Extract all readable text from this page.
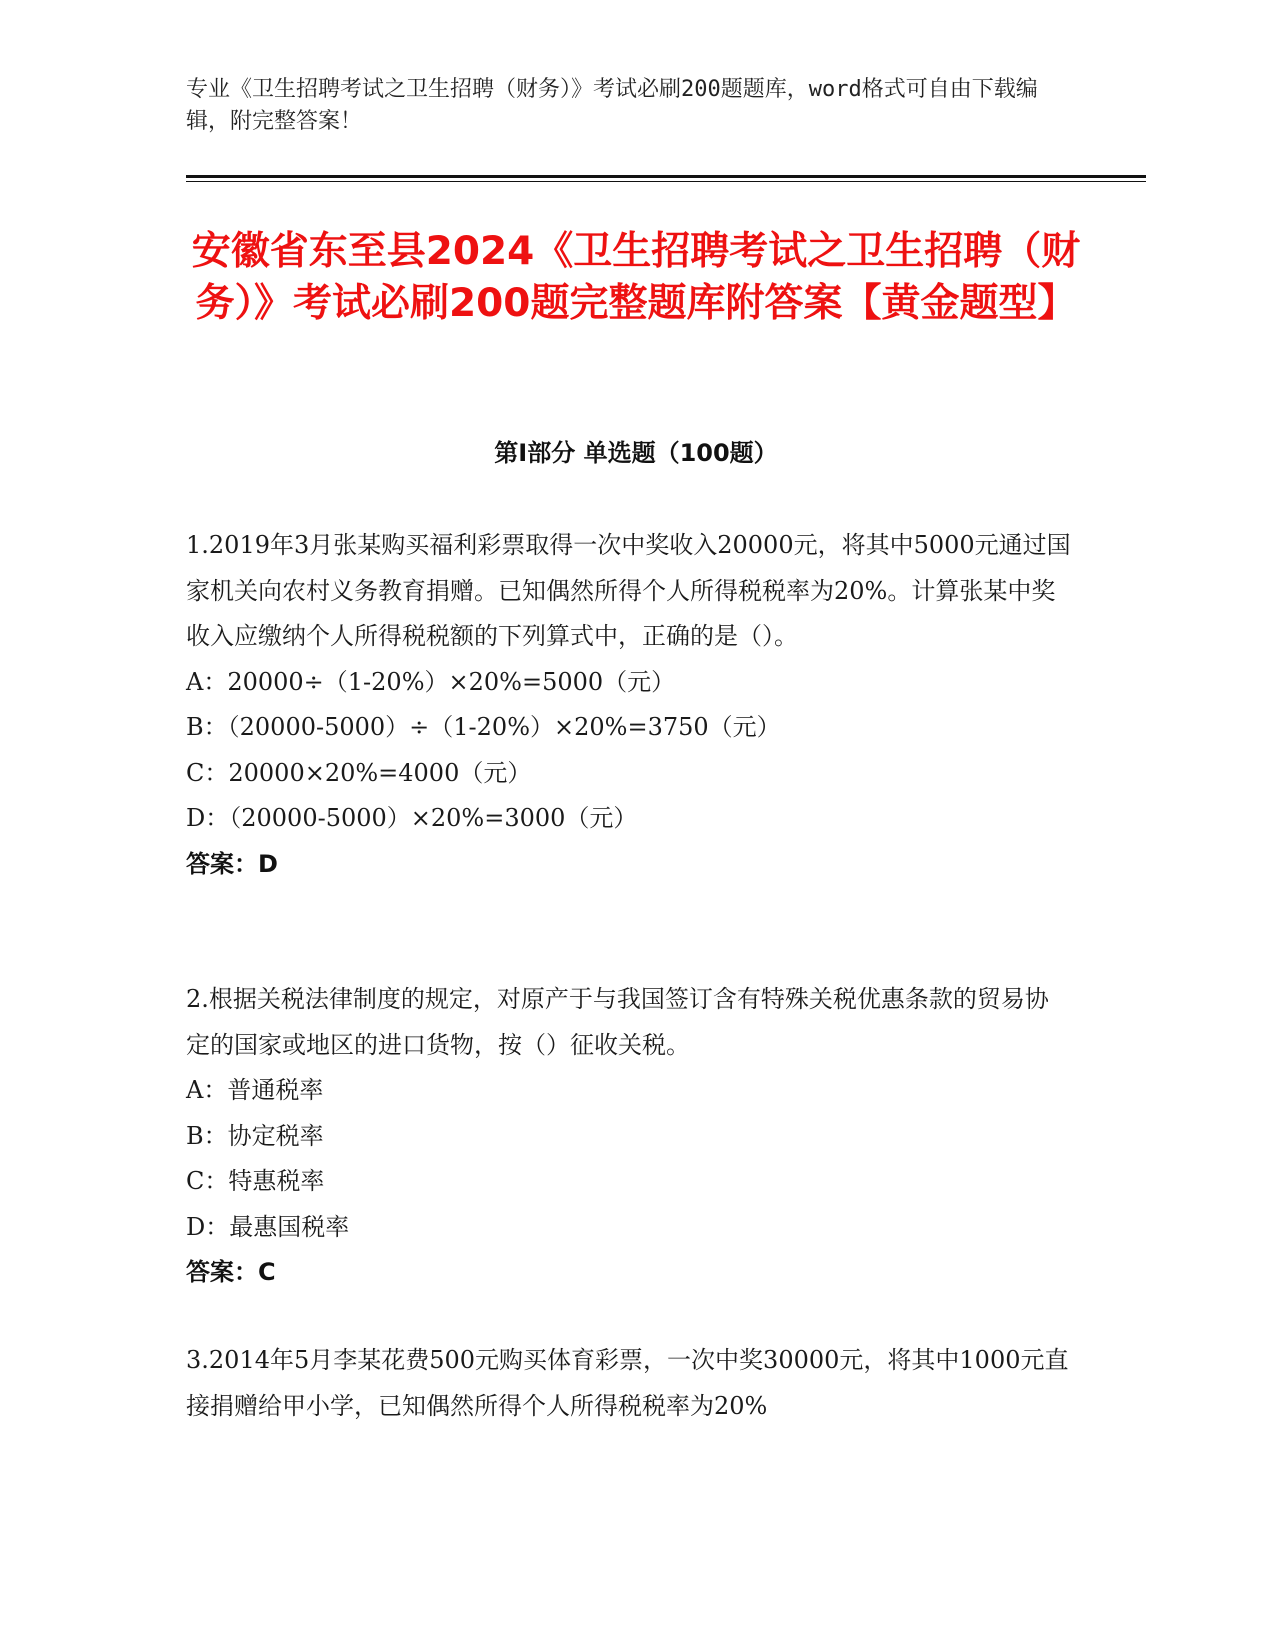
专业《卫生招聘考试之卫生招聘（财务）》考试必刷200题题库，word格式可自由下载编辑，附完整答案！
安徽省东至县2024《卫生招聘考试之卫生招聘（财务）》考试必刷200题完整题库附答案【黄金题型】
第I部分 单选题（100题）

1.2019年3月张某购买福利彩票取得一次中奖收入20000元，将其中5000元通过国家机关向农村义务教育捐赠。已知偶然所得个人所得税税率为20%。计算张某中奖收入应缴纳个人所得税税额的下列算式中，正确的是（）。

A：20000÷（1-20%）×20%=5000（元）

B：（20000-5000）÷（1-20%）×20%=3750（元）

C：20000×20%=4000（元）

D：（20000-5000）×20%=3000（元）

答案：D

2.根据关税法律制度的规定，对原产于与我国签订含有特殊关税优惠条款的贸易协定的国家或地区的进口货物，按（）征收关税。

A：普通税率

B：协定税率

C：特惠税率

D：最惠国税率

答案：C

3.2014年5月李某花费500元购买体育彩票，一次中奖30000元，将其中1000元直接捐赠给甲小学，已知偶然所得个人所得税税率为20%
